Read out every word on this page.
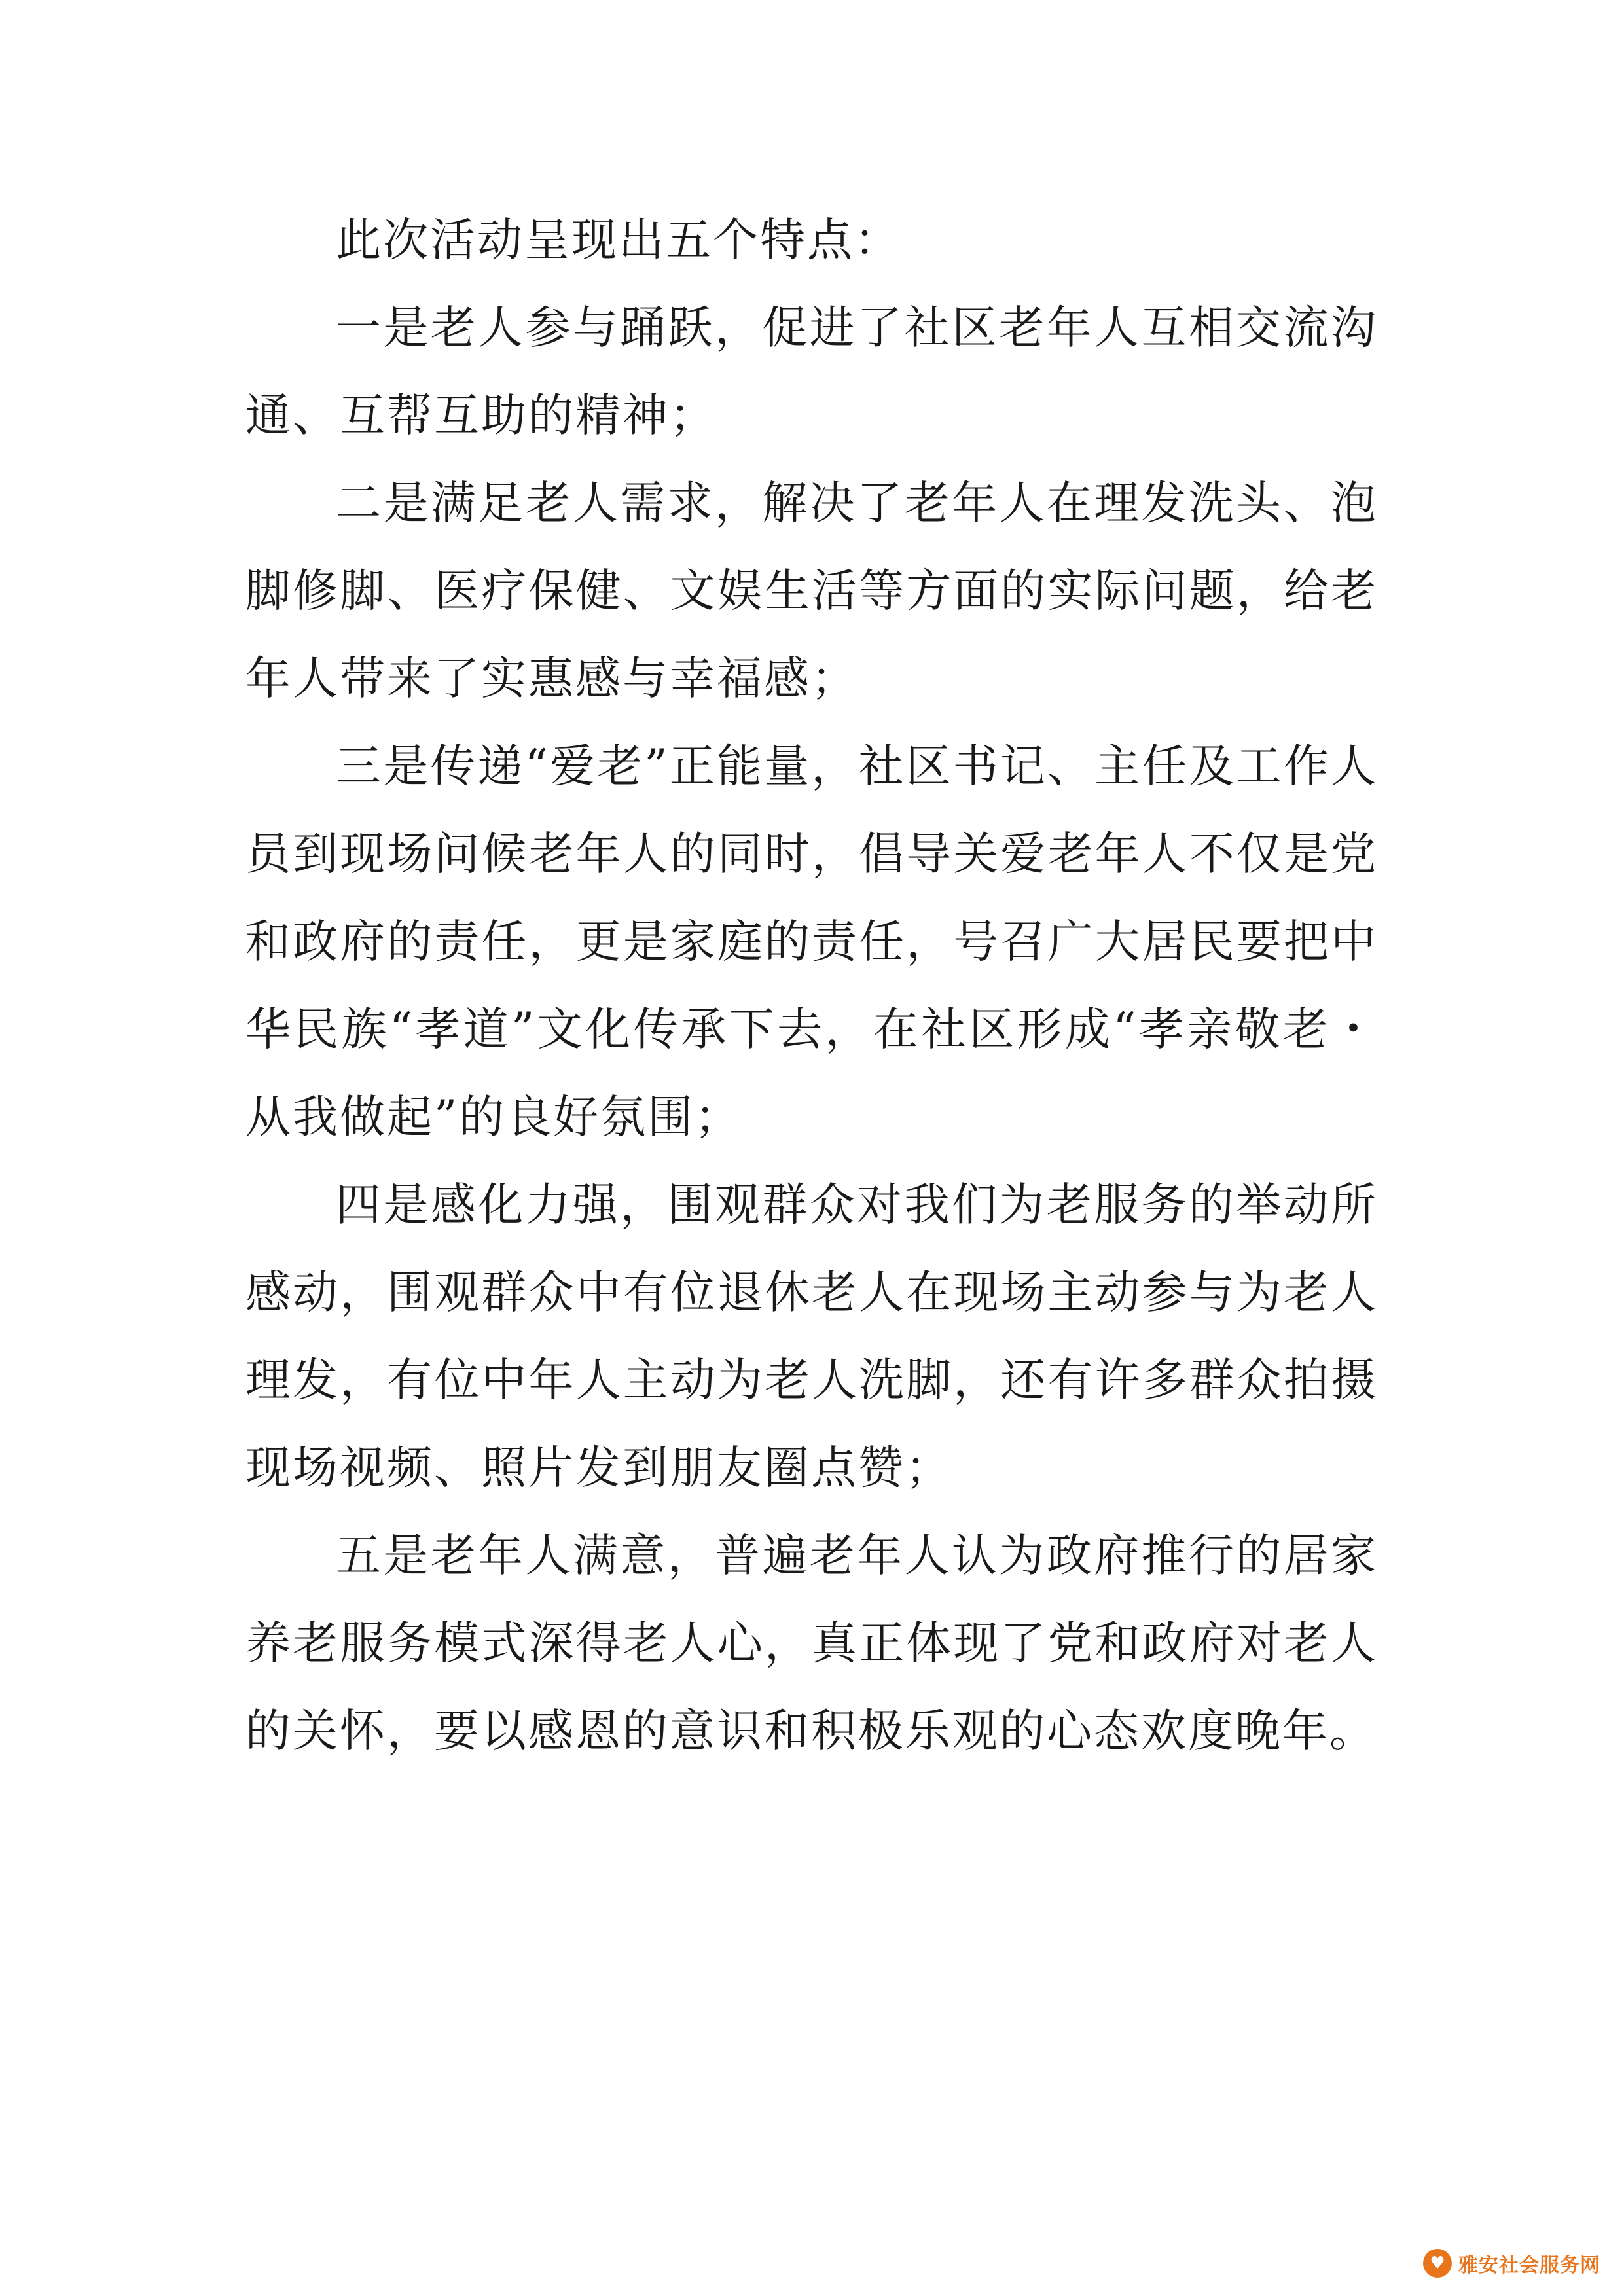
此次活动呈现出五个特点：

一是老人参与踊跃，促进了社区老年人互相交流沟通、互帮互助的精神；

二是满足老人需求，解决了老年人在理发洗头、泡脚修脚、医疗保健、文娱生活等方面的实际问题，给老年人带来了实惠感与幸福感；

三是传递“爱老”正能量，社区书记、主任及工作人员到现场问候老年人的同时，倡导关爱老年人不仅是党和政府的责任，更是家庭的责任，号召广大居民要把中华民族“孝道”文化传承下去，在社区形成“孝亲敬老・从我做起”的良好氛围；

四是感化力强，围观群众对我们为老服务的举动所感动，围观群众中有位退休老人在现场主动参与为老人理发，有位中年人主动为老人洗脚，还有许多群众拍摄现场视频、照片发到朋友圈点赞；

五是老年人满意，普遍老年人认为政府推行的居家养老服务模式深得老人心，真正体现了党和政府对老人的关怀，要以感恩的意识和积极乐观的心态欢度晚年。

♥ 雅安社会服务网
